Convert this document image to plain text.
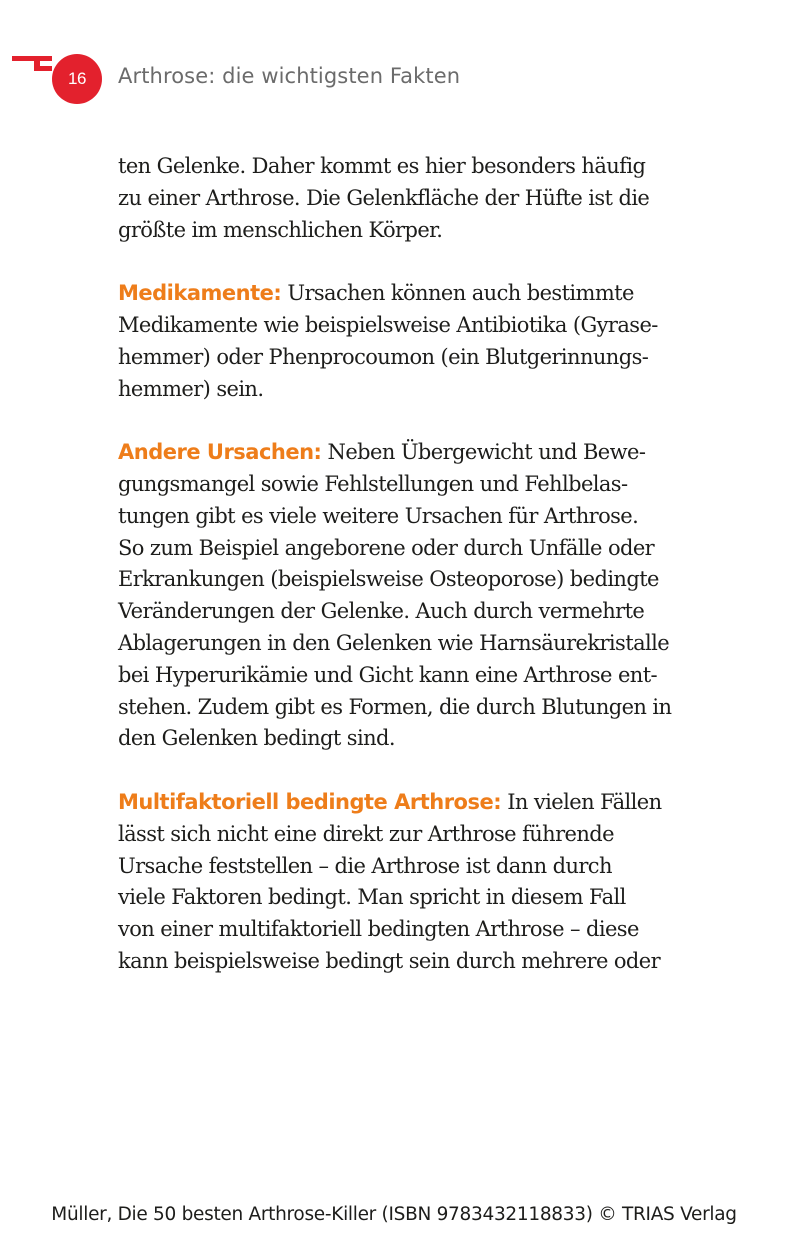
16	Arthrose: die wichtigsten Fakten

ten Gelenke. Daher kommt es hier besonders häufig
zu einer Arthrose. Die Gelenkfläche der Hüfte ist die
größte im menschlichen Körper.

Medikamente: Ursachen können auch bestimmte
Medikamente wie beispielsweise Antibiotika (Gyrase-
hemmer) oder Phenprocoumon (ein Blutgerinnungs-
hemmer) sein.

Andere Ursachen: Neben Übergewicht und Bewe-
gungsmangel sowie Fehlstellungen und Fehlbelas-
tungen gibt es viele weitere Ursachen für Arthrose.
So zum Beispiel angeborene oder durch Unfälle oder
Erkrankungen (beispielsweise Osteoporose) bedingte
Veränderungen der Gelenke. Auch durch vermehrte
Ablagerungen in den Gelenken wie Harnsäurekristalle
bei Hyperurikämie und Gicht kann eine Arthrose ent-
stehen. Zudem gibt es Formen, die durch Blutungen in
den Gelenken bedingt sind.

Multifaktoriell bedingte Arthrose: In vielen Fällen
lässt sich nicht eine direkt zur Arthrose führende
Ursache feststellen – die Arthrose ist dann durch
viele Faktoren bedingt. Man spricht in diesem Fall
von einer multifaktoriell bedingten Arthrose – diese
kann beispielsweise bedingt sein durch mehrere oder

Müller, Die 50 besten Arthrose-Killer (ISBN 9783432118833) © TRIAS Verlag
